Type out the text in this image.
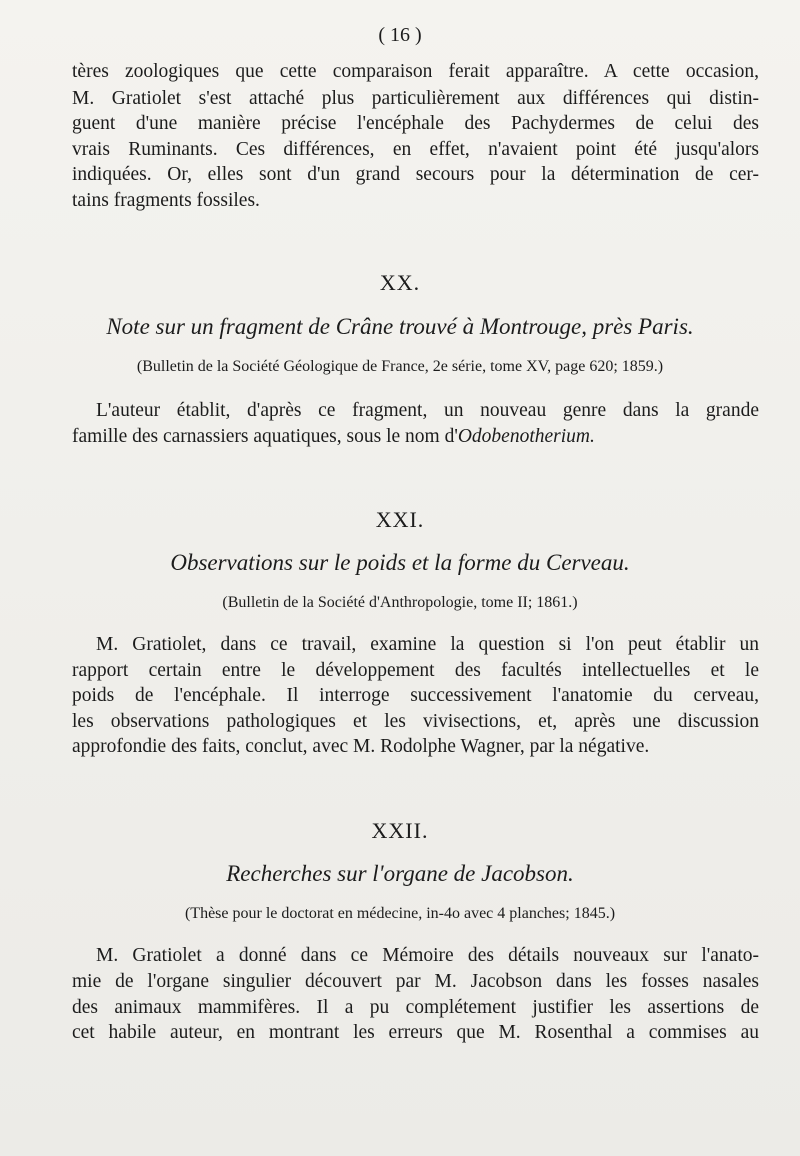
( 16 )
tères zoologiques que cette comparaison ferait apparaître. A cette occasion,
M. Gratiolet s'est attaché plus particulièrement aux différences qui distin-
guent d'une manière précise l'encéphale des Pachydermes de celui des
vrais Ruminants. Ces différences, en effet, n'avaient point été jusqu'alors
indiquées. Or, elles sont d'un grand secours pour la détermination de cer-
tains fragments fossiles.
XX.
Note sur un fragment de Crâne trouvé à Montrouge, près Paris.
(Bulletin de la Société Géologique de France, 2e série, tome XV, page 620; 1859.)
L'auteur établit, d'après ce fragment, un nouveau genre dans la grande
famille des carnassiers aquatiques, sous le nom d'Odobenotherium.
XXI.
Observations sur le poids et la forme du Cerveau.
(Bulletin de la Société d'Anthropologie, tome II; 1861.)
M. Gratiolet, dans ce travail, examine la question si l'on peut établir un
rapport certain entre le développement des facultés intellectuelles et le
poids de l'encéphale. Il interroge successivement l'anatomie du cerveau,
les observations pathologiques et les vivisections, et, après une discussion
approfondie des faits, conclut, avec M. Rodolphe Wagner, par la négative.
XXII.
Recherches sur l'organe de Jacobson.
(Thèse pour le doctorat en médecine, in-4o avec 4 planches; 1845.)
M. Gratiolet a donné dans ce Mémoire des détails nouveaux sur l'anato-
mie de l'organe singulier découvert par M. Jacobson dans les fosses nasales
des animaux mammifères. Il a pu complétement justifier les assertions de
cet habile auteur, en montrant les erreurs que M. Rosenthal a commises au
